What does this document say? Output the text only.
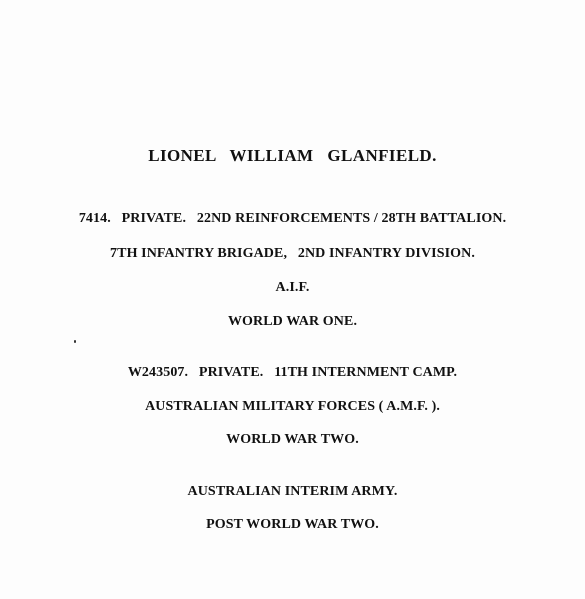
LIONEL   WILLIAM   GLANFIELD.
7414.   PRIVATE.   22ND REINFORCEMENTS / 28TH BATTALION.
7TH INFANTRY BRIGADE,   2ND INFANTRY DIVISION.
A.I.F.
WORLD WAR ONE.
W243507.   PRIVATE.   11TH INTERNMENT CAMP.
AUSTRALIAN MILITARY FORCES ( A.M.F. ).
WORLD WAR TWO.
AUSTRALIAN INTERIM ARMY.
POST WORLD WAR TWO.
